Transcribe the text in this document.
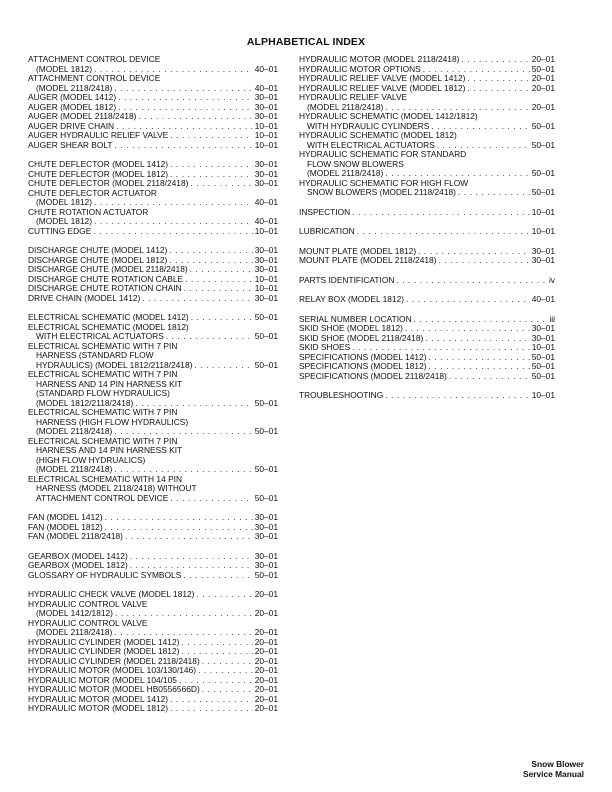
ALPHABETICAL INDEX
ATTACHMENT CONTROL DEVICE
(MODEL 1812) . . .	40–01
ATTACHMENT CONTROL DEVICE
(MODEL 2118/2418) . . .	40–01
AUGER (MODEL 1412) . . .	30–01
AUGER (MODEL 1812) . . .	30–01
AUGER (MODEL 2118/2418) . . .	30–01
AUGER DRIVE CHAIN . . .	10–01
AUGER HYDRAULIC RELIEF VALVE . . .	10–01
AUGER SHEAR BOLT . . .	10–01
CHUTE DEFLECTOR (MODEL 1412) . . .	30–01
CHUTE DEFLECTOR (MODEL 1812) . . .	30–01
CHUTE DEFLECTOR (MODEL 2118/2418) . . .	30–01
CHUTE DEFLECTOR ACTUATOR
(MODEL 1812) . . .	40–01
CHUTE ROTATION ACTUATOR
(MODEL 1812) . . .	40–01
CUTTING EDGE . . .	10–01
DISCHARGE CHUTE (MODEL 1412) . . .	30–01
DISCHARGE CHUTE (MODEL 1812) . . .	30–01
DISCHARGE CHUTE (MODEL 2118/2418) . . .	30–01
DISCHARGE CHUTE ROTATION CABLE . . .	10–01
DISCHARGE CHUTE ROTATION CHAIN . . .	10–01
DRIVE CHAIN (MODEL 1412) . . .	30–01
ELECTRICAL SCHEMATIC (MODEL 1412) . . .	50–01
ELECTRICAL SCHEMATIC (MODEL 1812)
WITH ELECTRICAL ACTUATORS . . .	50–01
ELECTRICAL SCHEMATIC WITH 7 PIN
HARNESS (STANDARD FLOW
HYDRAULICS) (MODEL 1812/2118/2418) . . .	50–01
ELECTRICAL SCHEMATIC WITH 7 PIN
HARNESS AND 14 PIN HARNESS KIT
(STANDARD FLOW HYDRAULICS)
(MODEL 1812/2118/2418) . . .	50–01
ELECTRICAL SCHEMATIC WITH 7 PIN
HARNESS (HIGH FLOW HYDRAULICS)
(MODEL 2118/2418) . . .	50–01
ELECTRICAL SCHEMATIC WITH 7 PIN
HARNESS AND 14 PIN HARNESS KIT
(HIGH FLOW HYDRUALICS)
(MODEL 2118/2418) . . .	50–01
ELECTRICAL SCHEMATIC WITH 14 PIN
HARNESS (MODEL 2118/2418) WITHOUT
ATTACHMENT CONTROL DEVICE . . .	50–01
FAN (MODEL 1412) . . .	30–01
FAN (MODEL 1812) . . .	30–01
FAN (MODEL 2118/2418) . . .	30–01
GEARBOX (MODEL 1412) . . .	30–01
GEARBOX (MODEL 1812) . . .	30–01
GLOSSARY OF HYDRAULIC SYMBOLS . . .	50–01
HYDRAULIC CHECK VALVE (MODEL 1812) . . .	20–01
HYDRAULIC CONTROL VALVE
(MODEL 1412/1812) . . .	20–01
HYDRAULIC CONTROL VALVE
(MODEL 2118/2418) . . .	20–01
HYDRAULIC CYLINDER (MODEL 1412) . . .	20–01
HYDRAULIC CYLINDER (MODEL 1812) . . .	20–01
HYDRAULIC CYLINDER (MODEL 2118/2418) . . .	20–01
HYDRAULIC MOTOR (MODEL 103/130/146) . . .	20–01
HYDRAULIC MOTOR (MODEL 104/105 . . .	20–01
HYDRAULIC MOTOR (MODEL HB0556566D) . . .	20–01
HYDRAULIC MOTOR (MODEL 1412) . . .	20–01
HYDRAULIC MOTOR (MODEL 1812) . . .	20–01
HYDRAULIC MOTOR (MODEL 2118/2418) . . .	20–01
HYDRAULIC MOTOR OPTIONS . . .	50–01
HYDRAULIC RELIEF VALVE (MODEL 1412) . . .	20–01
HYDRAULIC RELIEF VALVE (MODEL 1812) . . .	20–01
HYDRAULIC RELIEF VALVE
(MODEL 2118/2418) . . .	20–01
HYDRAULIC SCHEMATIC (MODEL 1412/1812)
WITH HYDRAULIC CYLINDERS . . .	50–01
HYDRAULIC SCHEMATIC (MODEL 1812)
WITH ELECTRICAL ACTUATORS . . .	50–01
HYDRAULIC SCHEMATIC FOR STANDARD
FLOW SNOW BLOWERS
(MODEL 2118/2418) . . .	50–01
HYDRAULIC SCHEMATIC FOR HIGH FLOW
SNOW BLOWERS (MODEL 2118/2418) . . .	50–01
INSPECTION . . .	10–01
LUBRICATION . . .	10–01
MOUNT PLATE (MODEL 1812) . . .	30–01
MOUNT PLATE (MODEL 2118/2418) . . .	30–01
PARTS IDENTIFICATION . . .	iv
RELAY BOX (MODEL 1812) . . .	40–01
SERIAL NUMBER LOCATION . . .	iii
SKID SHOE (MODEL 1812) . . .	30–01
SKID SHOE (MODEL 2118/2418) . . .	30–01
SKID SHOES . . .	10–01
SPECIFICATIONS (MODEL 1412) . . .	50–01
SPECIFICATIONS (MODEL 1812) . . .	50–01
SPECIFICATIONS (MODEL 2118/2418) . . .	50–01
TROUBLESHOOTING . . .	10–01
Snow Blower
Service Manual
